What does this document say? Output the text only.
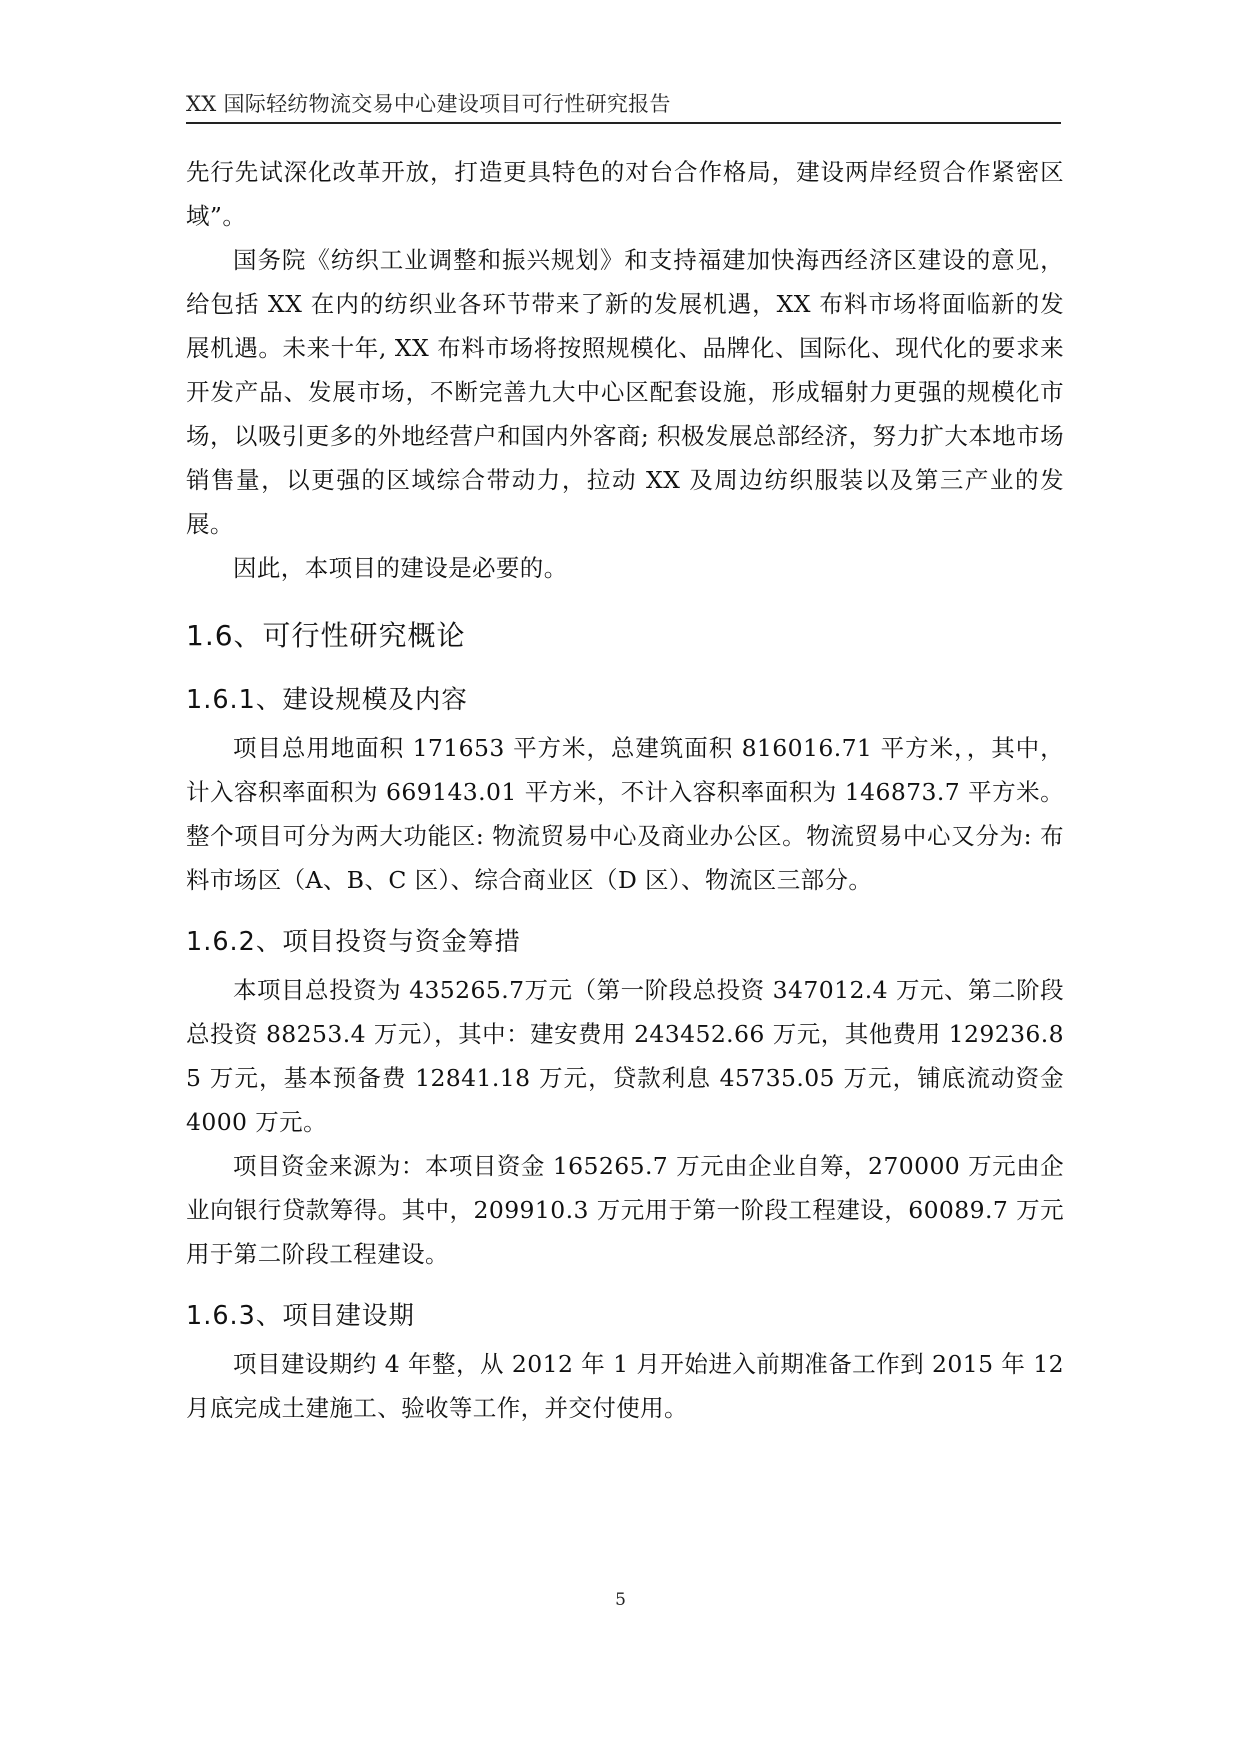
XX 国际轻纺物流交易中心建设项目可行性研究报告

先行先试深化改革开放，打造更具特色的对台合作格局，建设两岸经贸合作紧密区域”。

国务院《纺织工业调整和振兴规划》和支持福建加快海西经济区建设的意见，给包括 XX 在内的纺织业各环节带来了新的发展机遇，XX 布料市场将面临新的发展机遇。未来十年, XX 布料市场将按照规模化、品牌化、国际化、现代化的要求来开发产品、发展市场，不断完善九大中心区配套设施，形成辐射力更强的规模化市场，以吸引更多的外地经营户和国内外客商; 积极发展总部经济，努力扩大本地市场销售量，以更强的区域综合带动力，拉动 XX 及周边纺织服装以及第三产业的发展。

因此，本项目的建设是必要的。

1.6、可行性研究概论
1.6.1、建设规模及内容

项目总用地面积 171653 平方米，总建筑面积 816016.71 平方米，，其中，计入容积率面积为 669143.01 平方米，不计入容积率面积为 146873.7 平方米。整个项目可分为两大功能区: 物流贸易中心及商业办公区。物流贸易中心又分为: 布料市场区（A、B、C 区）、综合商业区（D 区）、物流区三部分。

1.6.2、项目投资与资金筹措

本项目总投资为 435265.7万元（第一阶段总投资 347012.4 万元、第二阶段总投资 88253.4 万元），其中：建安费用 243452.66 万元，其他费用 129236.85 万元，基本预备费 12841.18 万元，贷款利息 45735.05 万元，铺底流动资金 4000 万元。

项目资金来源为：本项目资金 165265.7 万元由企业自筹，270000 万元由企业向银行贷款筹得。其中，209910.3 万元用于第一阶段工程建设，60089.7 万元用于第二阶段工程建设。

1.6.3、项目建设期

项目建设期约 4 年整，从 2012 年 1 月开始进入前期准备工作到 2015 年 12 月底完成土建施工、验收等工作，并交付使用。

5
